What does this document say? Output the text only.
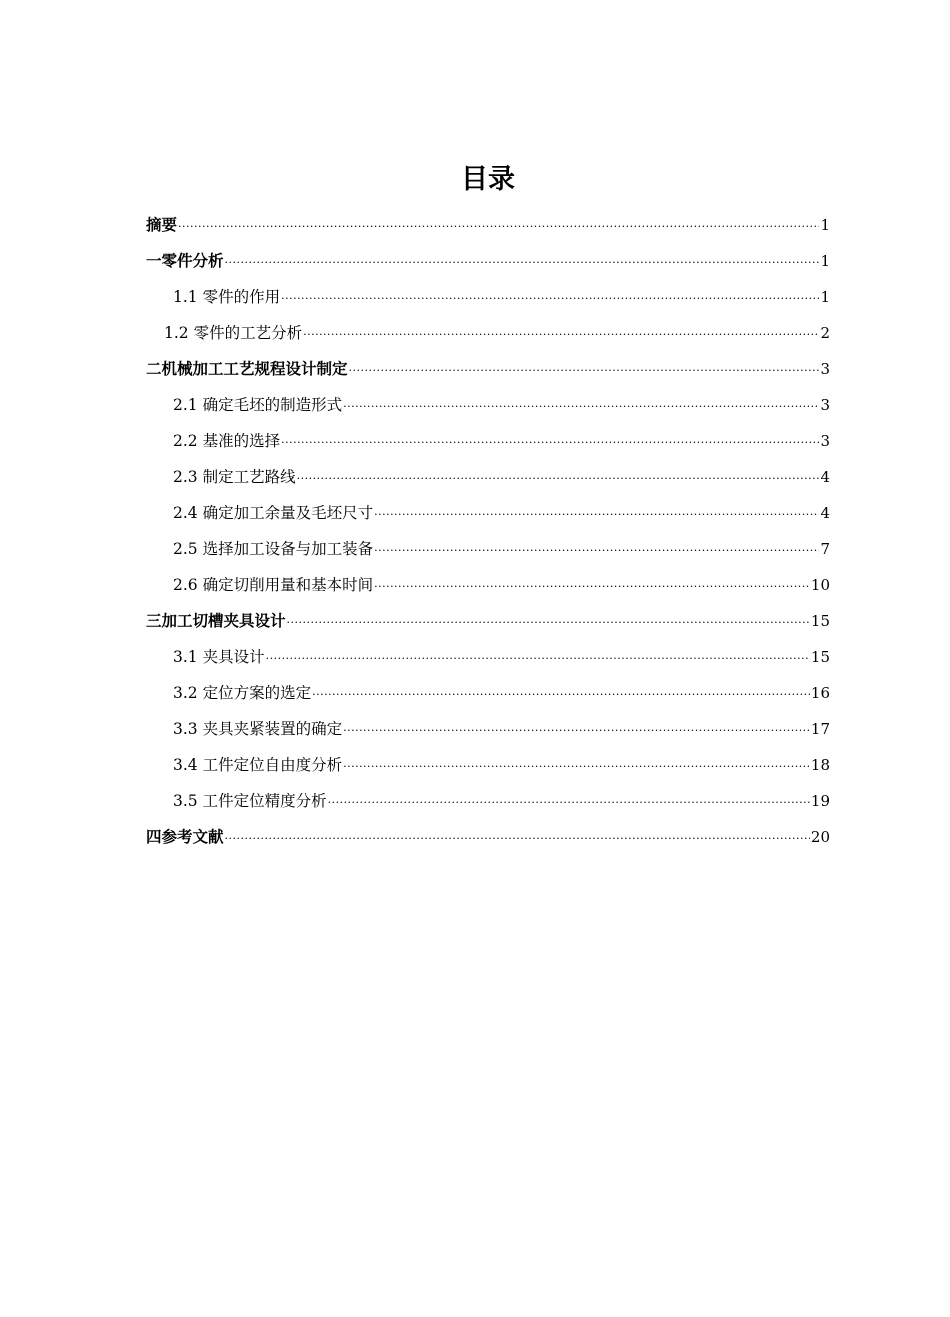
目录
摘要 ·····	1
一零件分析 ·····	1
1.1 零件的作用 ·····	1
1.2 零件的工艺分析 ·····	2
二机械加工工艺规程设计制定 ·····	3
2.1 确定毛坯的制造形式 ·····	3
2.2 基准的选择 ·····	3
2.3 制定工艺路线 ·····	4
2.4 确定加工余量及毛坯尺寸 ·····	4
2.5 选择加工设备与加工装备 ·····	7
2.6 确定切削用量和基本时间 ·····	10
三加工切槽夹具设计 ·····	15
3.1 夹具设计 ·····	15
3.2 定位方案的选定 ·····	16
3.3 夹具夹紧装置的确定 ·····	17
3.4 工件定位自由度分析 ·····	18
3.5 工件定位精度分析 ·····	19
四参考文献 ·····	20
